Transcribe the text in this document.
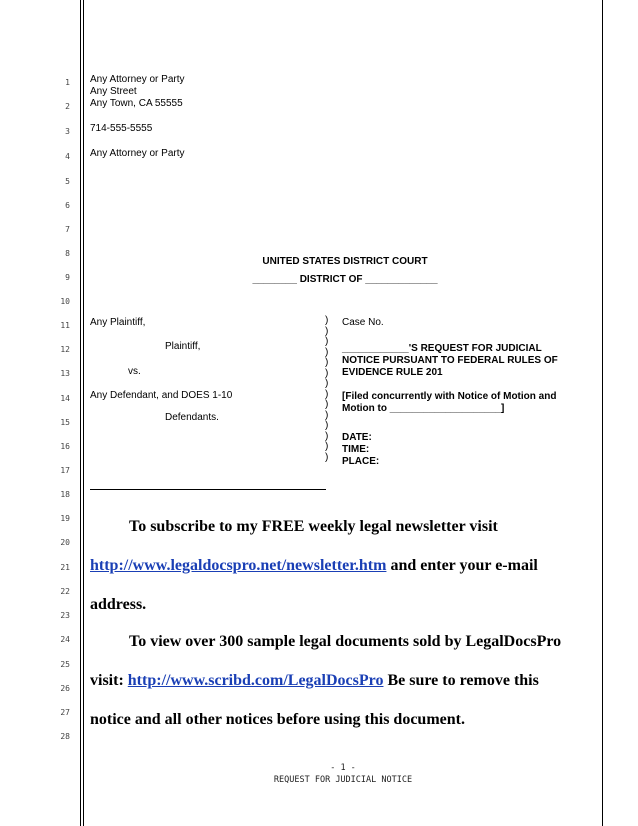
1
2
3
4
5
6
7
8
9
10
11
12
13
14
15
16
17
18
19
20
21
22
23
24
25
26
27
28
Any Attorney or Party
Any Street
Any Town, CA 55555
714-555-5555
Any Attorney or Party
UNITED STATES DISTRICT COURT
________ DISTRICT OF _____________
Any Plaintiff,
Plaintiff,
vs.
Any Defendant, and DOES 1-10
Defendants.
)
)
)
)
)
)
)
)
)
)
)
)
)
)
Case No.
____________'S REQUEST FOR JUDICIAL
NOTICE PURSUANT TO FEDERAL RULES OF
EVIDENCE RULE 201
[Filed concurrently with Notice of Motion and
Motion to ____________________]
DATE:
TIME:
PLACE:
To subscribe to my FREE weekly legal newsletter visit
http://www.legaldocspro.net/newsletter.htm and enter your e-mail
address.
To view over 300 sample legal documents sold by LegalDocsPro
visit: http://www.scribd.com/LegalDocsPro Be sure to remove this
notice and all other notices before using this document.
- 1 -
REQUEST FOR JUDICIAL NOTICE
